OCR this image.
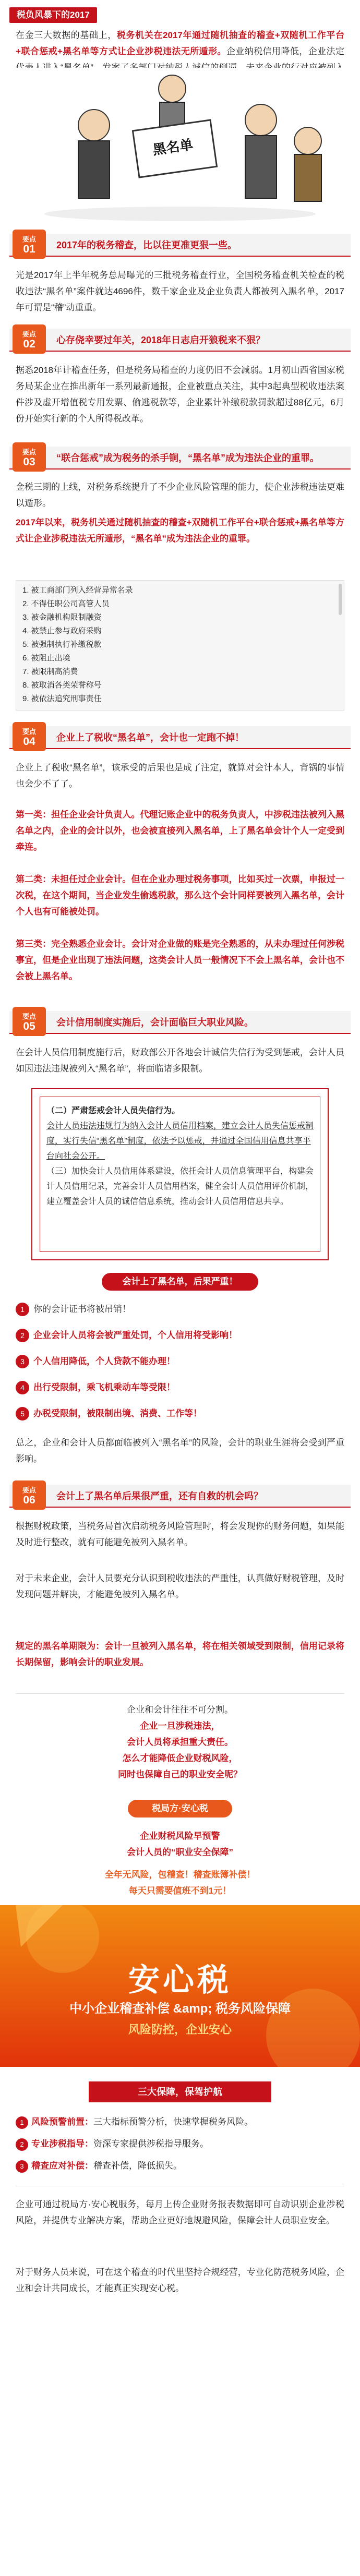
税负风暴下的2017
在金三大数据的基础上，税务机关在2017年通过随机抽查的稽查+双随机工作平台+联合惩戒+黑名单等方式让企业涉税违法无所遁形。企业纳税信用降低，企业法定
黑名单
要点
01	2017年的税务稽查，比以往更准更狠一些。
光是2017年上半年税务总局曝光的三批税务稽查行业，全国税务稽查机关检查的税收违法“黑名单”案件就达4696件，数千家企业及企业负责人都被列入黑名单，2017年可谓是“稽”动重重。
要点
02	心存侥幸要过年关，2018年日志启开狼税来不狠？
据悉2018年计稽查任务，但是税务局稽查的力度仍旧不会减弱。1月初山西省国家税务局某企业在推出新年一系列最新通报，企业被重点关注，其中3起典型税收违法案件涉及虚开增值税专用发票、偷逃税款等，企业累计补缴税款罚款超过88亿元，6月份开始实行新的个人所得税改革。
要点
03	“联合惩戒”成为税务的杀手锏，“黑名单”成为违法企业的重罪。
金税三期的上线，对税务系统提升了不少企业风险管理的能力，使企业涉税违法更难以遁形。
2017年以来，税务机关通过随机抽查的稽查+双随机工作平台+联合惩戒+黑名单等方式让企业涉税违法无所遁形，“黑名单”成为违法企业的重罪。
1. 被工商部门列入经营异常名录
2. 不得任职公司高管人员
3. 被金融机构限制融资
4. 被禁止参与政府采购
5. 被强制执行补缴税款
6. 被阻止出境
7. 被限制高消费
8. 被取消各类荣誉称号
9. 被依法追究刑事责任
要点
04	企业上了税收“黑名单”，会计也一定跑不掉！
企业上了税收“黑名单”，该承受的后果也是成了注定，就算对会计本人，背锅的事情也会少不了了。
第一类：担任企业会计负责人。代理记账企业中的税务负责人，中涉税违法被列入黑名单之内，企业的会计以外，也会被直接列入黑名单，上了黑名单会计个人一定受到牵连。
第二类：未担任过企业会计。但在企业办理过税务事项，比如买过一次票，申报过一次税，在这个期间，当企业发生偷逃税款，那么这个会计同样要被列入黑名单，会计个人也有可能被处罚。
第三类：完全熟悉企业会计。会计对企业做的账是完全熟悉的，从未办理过任何涉税事宜，但是企业出现了违法问题，这类会计人员一般情况下不会上黑名单，会计也不会被上黑名单。
要点
05	会计信用制度实施后，会计面临巨大职业风险。
在会计人员信用制度施行后，财政部公开各地会计诚信失信行为受到惩戒，会计人员如因违法违规被列入“黑名单”，将面临诸多限制。
（二）严肃惩戒会计人员失信行为。
会计人员违法违规行为纳入会计人员信用档案，建立会计人员失信惩戒制度，实行失信“黑名单”制度，依法予以惩戒，并通过全国信用信息共享平台向社会公开。
（三）加快会计人员信用体系建设，依托会计人员信息管理平台，构建会计人员信用记录，完善会计人员信用档案，健全会计人员信用评价机制，建立覆盖会计人员的诚信信息系统，推动会计人员信用信息共享。
会计上了黑名单，后果严重！
1 你的会计证书将被吊销！
2 企业会计人员将会被严重处罚，个人信用将受影响！
3 个人信用降低，个人贷款不能办理！
4 出行受限制，乘飞机乘动车等受限！
5 办税受限制，被限制出境、消费、工作等！
总之，企业和会计人员都面临被列入“黑名单”的风险，会计的职业生涯将会受到严重影响。
要点
06	会计上了黑名单后果很严重，还有自救的机会吗？
根据财税政策，当税务局首次启动税务风险管理时，将会发现你的财务问题，如果能及时进行整改，就有可能避免被列入黑名单。
对于未来企业，会计人员要充分认识到税收违法的严重性，认真做好财税管理，及时发现问题并解决，才能避免被列入黑名单。
规定的黑名单期限为：会计一旦被列入黑名单，将在相关领域受到限制，信用记录将长期保留，影响会计的职业发展。
企业和会计往往不可分割。
企业一旦涉税违法，
会计人员将承担重大责任。
怎么才能降低企业财税风险，
同时也保障自己的职业安全呢？
税局方·安心税
企业财税风险早预警
会计人员的“职业安全保障”
全年无风险，包稽查！稽查账簿补偿！
每天只需要值班不到1元！
安心税
中小企业稽查补偿 &amp; 税务风险保障
风险防控，企业安心
三大保障，保驾护航
1 风险预警前置：三大指标预警分析，快速掌握税务风险。
2 专业涉税指导：资深专家提供涉税指导服务。
3 稽查应对补偿：稽查补偿，降低损失。
企业可通过税局方·安心税服务，每月上传企业财务报表数据即可自动识别企业涉税风险，并提供专业解决方案，帮助企业更好地规避风险，保障会计人员职业安全。
对于财务人员来说，可在这个稽查的时代里坚持合规经营，专业化防范税务风险，企业和会计共同成长，才能真正实现安心税。
